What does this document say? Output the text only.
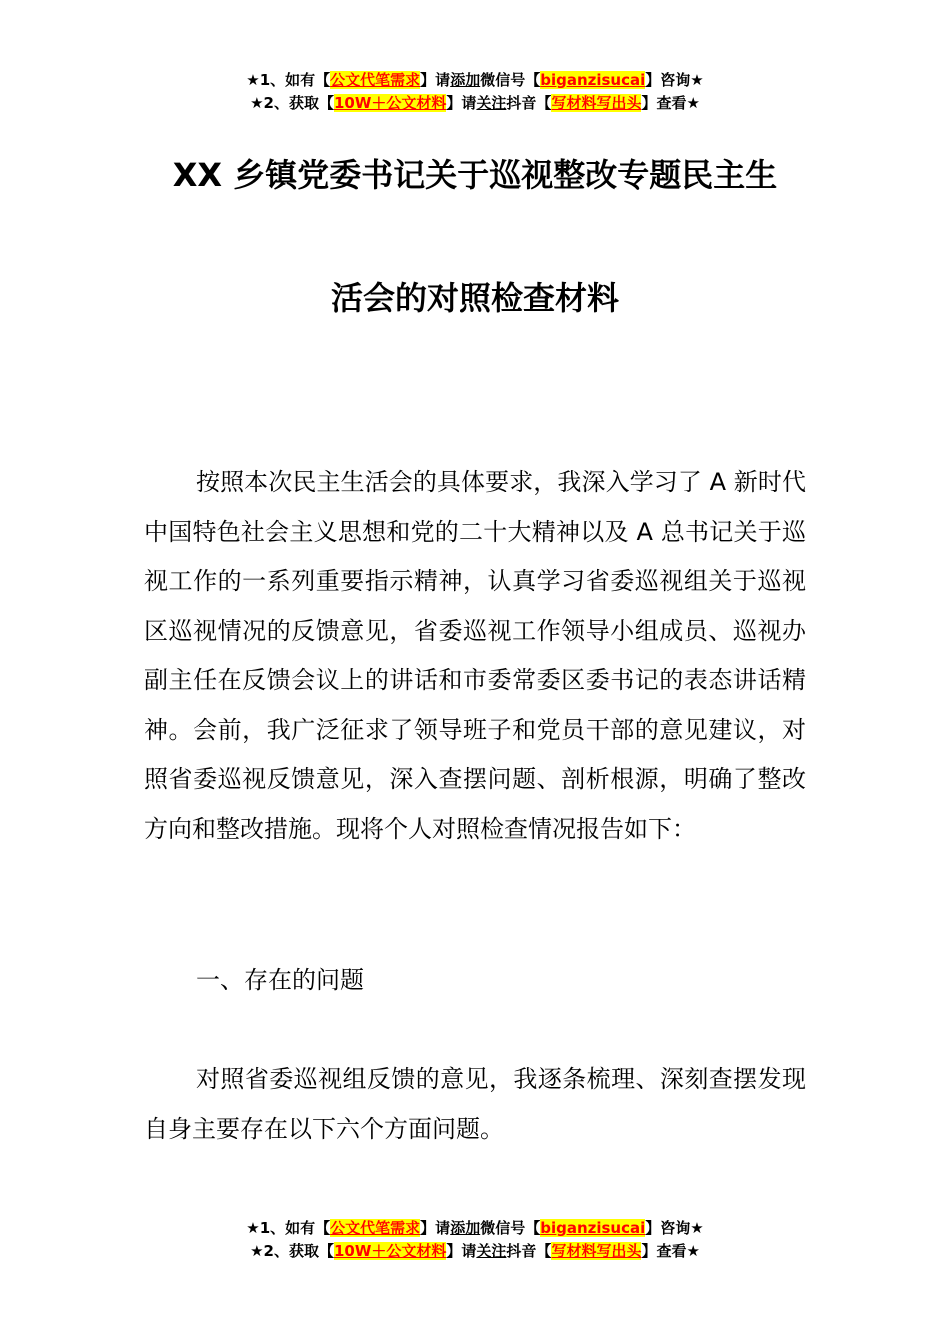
★1、如有【公文代笔需求】请添加微信号【biganzisucai】咨询★
★2、获取【10W＋公文材料】请关注抖音【写材料写出头】查看★
XX 乡镇党委书记关于巡视整改专题民主生
活会的对照检查材料

按照本次民主生活会的具体要求，我深入学习了 A 新时代中国特色社会主义思想和党的二十大精神以及 A 总书记关于巡视工作的一系列重要指示精神，认真学习省委巡视组关于巡视区巡视情况的反馈意见，省委巡视工作领导小组成员、巡视办副主任在反馈会议上的讲话和市委常委区委书记的表态讲话精神。会前，我广泛征求了领导班子和党员干部的意见建议，对照省委巡视反馈意见，深入查摆问题、剖析根源，明确了整改方向和整改措施。现将个人对照检查情况报告如下：

一、存在的问题

对照省委巡视组反馈的意见，我逐条梳理、深刻查摆发现自身主要存在以下六个方面问题。

★1、如有【公文代笔需求】请添加微信号【biganzisucai】咨询★
★2、获取【10W＋公文材料】请关注抖音【写材料写出头】查看★
